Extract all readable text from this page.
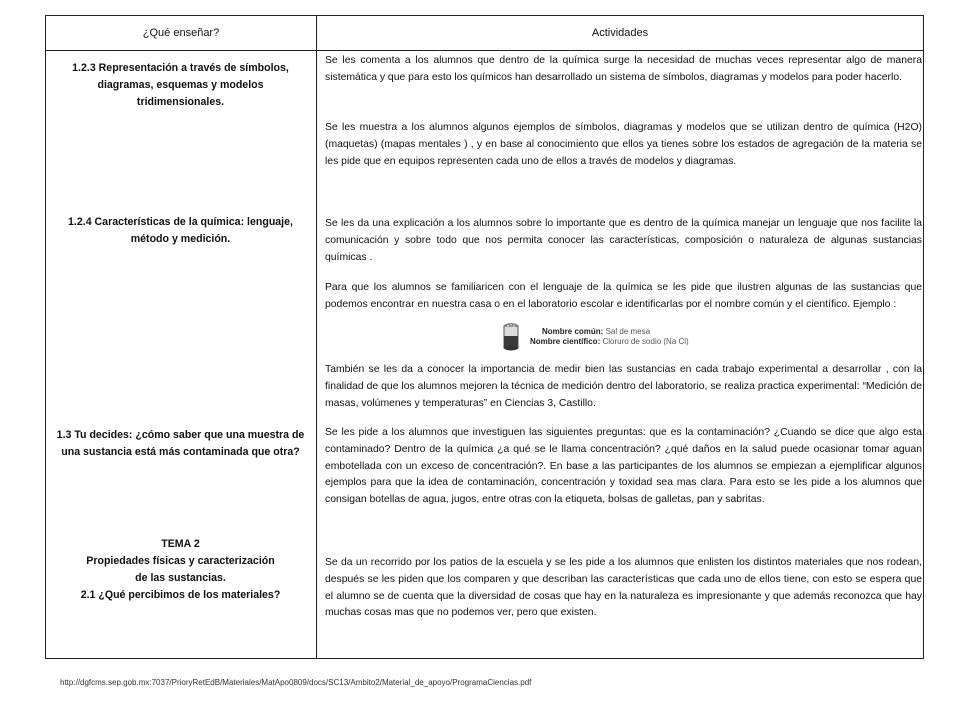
¿Qué enseñar?	Actividades
1.2.3 Representación a través de símbolos, diagramas, esquemas y modelos tridimensionales.
1.2.4 Características de la química: lenguaje, método y medición.
1.3 Tu decides: ¿cómo saber que una muestra de una sustancia está más contaminada que otra?
TEMA 2
Propiedades físicas y caracterización
de las sustancias.
2.1 ¿Qué percibimos de los materiales?
Se les comenta a los alumnos que dentro de la química surge la necesidad de muchas veces representar algo de manera sistemática y que para esto los químicos han desarrollado un sistema de símbolos, diagramas y modelos para poder hacerlo.
Se les muestra a los alumnos algunos ejemplos de símbolos, diagramas y modelos que se utilizan dentro de química (H2O) (maquetas) (mapas mentales ) , y en base al conocimiento que ellos ya tienes sobre los estados de agregación de la materia se les pide que en equipos representen cada uno de ellos a través de modelos y diagramas.
Se les da una explicación a los alumnos sobre lo importante que es dentro de la química manejar un lenguaje que nos facilite la comunicación y sobre todo que nos permita conocer las características, composición o naturaleza de algunas sustancias químicas .
Para que los alumnos se familiaricen con el lenguaje de la química se les pide que ilustren algunas de las sustancias que podemos encontrar en nuestra casa o en el laboratorio escolar e identificarlas por el nombre común y el científico. Ejemplo :
Nombre común: Sal de mesa
Nombre científico: Cloruro de sodio (Na Cl)
También se les da a conocer la importancia de medir bien las sustancias en cada trabajo experimental a desarrollar , con la finalidad de que los alumnos mejoren la técnica de medición dentro del laboratorio, se realiza practica experimental: “Medición de masas, volúmenes y temperaturas” en Ciencias 3, Castillo.
Se les pide a los alumnos que investiguen las siguientes preguntas: que es la contaminación? ¿Cuando se dice que algo esta contaminado? Dentro de la química ¿a qué se le llama concentración? ¿qué daños en la salud puede ocasionar tomar aguan embotellada con un exceso de concentración?. En base a las participantes de los alumnos se empiezan a ejemplificar algunos ejemplos para que la idea de contaminación, concentración y toxidad sea mas clara. Para esto se les pide a los alumnos que consigan botellas de agua, jugos, entre otras con la etiqueta, bolsas de galletas, pan y sabritas.
Se da un recorrido por los patios de la escuela y se les pide a los alumnos que enlisten los distintos materiales que nos rodean, después se les piden que los comparen y que describan las características que cada uno de ellos tiene, con esto se espera que el alumno se de cuenta que la diversidad de cosas que hay en la naturaleza es impresionante y que además reconozca que hay muchas cosas mas que no podemos ver, pero que existen.
http://dgfcms.sep.gob.mx:7037/PrioryRetEdB/Materiales/MatApo0809/docs/SC13/Ambito2/Material_de_apoyo/ProgramaCiencias.pdf
